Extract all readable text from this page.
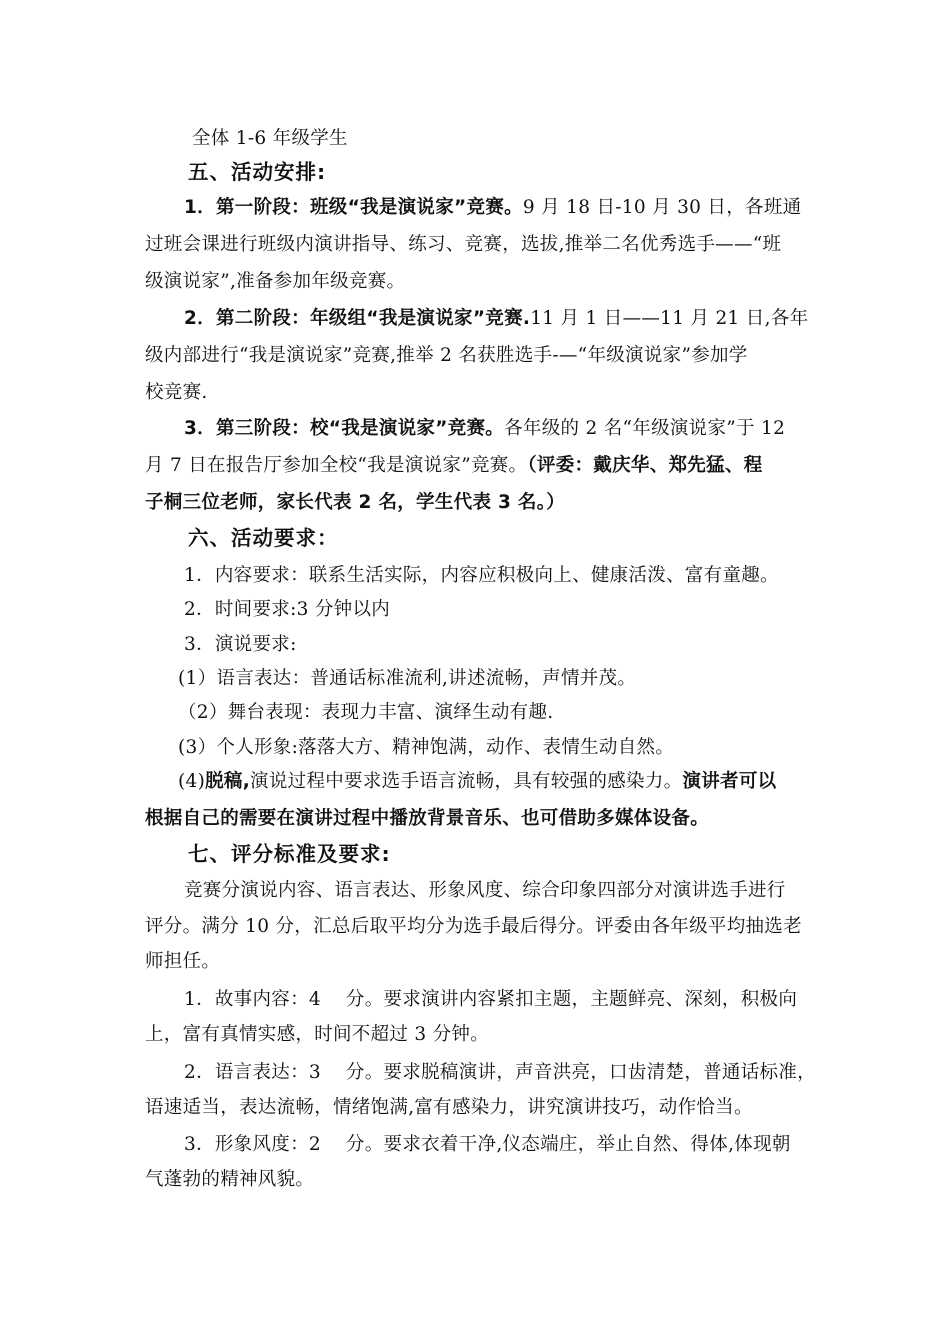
全体 1-6 年级学生
五、活动安排:
1．第一阶段：班级“我是演说家”竞赛。9 月 18 日-10 月 30 日，各班通
过班会课进行班级内演讲指导、练习、竞赛，选拔,推举二名优秀选手——“班
级演说家”,准备参加年级竞赛。
2．第二阶段：年级组“我是演说家”竞赛.11 月 1 日——11 月 21 日,各年
级内部进行“我是演说家”竞赛,推举 2 名获胜选手-—“年级演说家”参加学
校竞赛.
3．第三阶段：校“我是演说家”竞赛。各年级的 2 名“年级演说家”于 12
月 7 日在报告厅参加全校“我是演说家”竞赛。（评委：戴庆华、郑先猛、程
子桐三位老师，家长代表 2 名，学生代表 3 名。）
六、活动要求：
1．内容要求：联系生活实际，内容应积极向上、健康活泼、富有童趣。
2．时间要求:3 分钟以内
3．演说要求:
(1）语言表达：普通话标准流利,讲述流畅，声情并茂。
（2）舞台表现：表现力丰富、演绎生动有趣.
(3）个人形象:落落大方、精神饱满，动作、表情生动自然。
(4)脱稿,演说过程中要求选手语言流畅，具有较强的感染力。演讲者可以
根据自己的需要在演讲过程中播放背景音乐、也可借助多媒体设备。
七、评分标准及要求:
竞赛分演说内容、语言表达、形象风度、综合印象四部分对演讲选手进行
评分。满分 10 分，汇总后取平均分为选手最后得分。评委由各年级平均抽选老
师担任。
1．故事内容：4　 分。要求演讲内容紧扣主题，主题鲜亮、深刻，积极向
上，富有真情实感，时间不超过 3 分钟。
2．语言表达：3　 分。要求脱稿演讲，声音洪亮，口齿清楚，普通话标准，
语速适当，表达流畅，情绪饱满,富有感染力，讲究演讲技巧，动作恰当。
3．形象风度：2　 分。要求衣着干净,仪态端庄，举止自然、得体,体现朝
气蓬勃的精神风貌。
